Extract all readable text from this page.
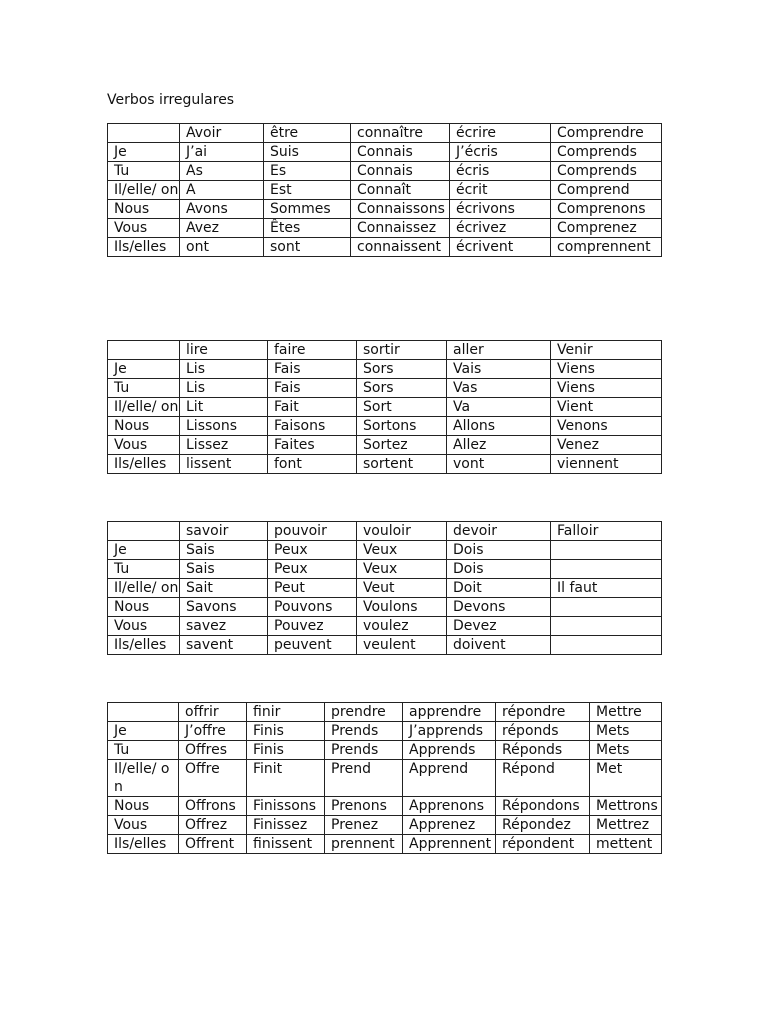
Verbos irregulares
	Avoir	être	connaître	écrire	Comprendre
Je	J’ai	Suis	Connais	J’écris	Comprends
Tu	As	Es	Connais	écris	Comprends
Il/elle/ on	A	Est	Connaît	écrit	Comprend
Nous	Avons	Sommes	Connaissons	écrivons	Comprenons
Vous	Avez	Êtes	Connaissez	écrivez	Comprenez
Ils/elles	ont	sont	connaissent	écrivent	comprennent
	lire	faire	sortir	aller	Venir
Je	Lis	Fais	Sors	Vais	Viens
Tu	Lis	Fais	Sors	Vas	Viens
Il/elle/ on	Lit	Fait	Sort	Va	Vient
Nous	Lissons	Faisons	Sortons	Allons	Venons
Vous	Lissez	Faites	Sortez	Allez	Venez
Ils/elles	lissent	font	sortent	vont	viennent
	savoir	pouvoir	vouloir	devoir	Falloir
Je	Sais	Peux	Veux	Dois	
Tu	Sais	Peux	Veux	Dois	
Il/elle/ on	Sait	Peut	Veut	Doit	Il faut
Nous	Savons	Pouvons	Voulons	Devons	
Vous	savez	Pouvez	voulez	Devez	
Ils/elles	savent	peuvent	veulent	doivent	
	offrir	finir	prendre	apprendre	répondre	Mettre
Je	J’offre	Finis	Prends	J’apprends	réponds	Mets
Tu	Offres	Finis	Prends	Apprends	Réponds	Mets
Il/elle/ on	Offre	Finit	Prend	Apprend	Répond	Met
Nous	Offrons	Finissons	Prenons	Apprenons	Répondons	Mettrons
Vous	Offrez	Finissez	Prenez	Apprenez	Répondez	Mettrez
Ils/elles	Offrent	finissent	prennent	Apprennent	répondent	mettent
